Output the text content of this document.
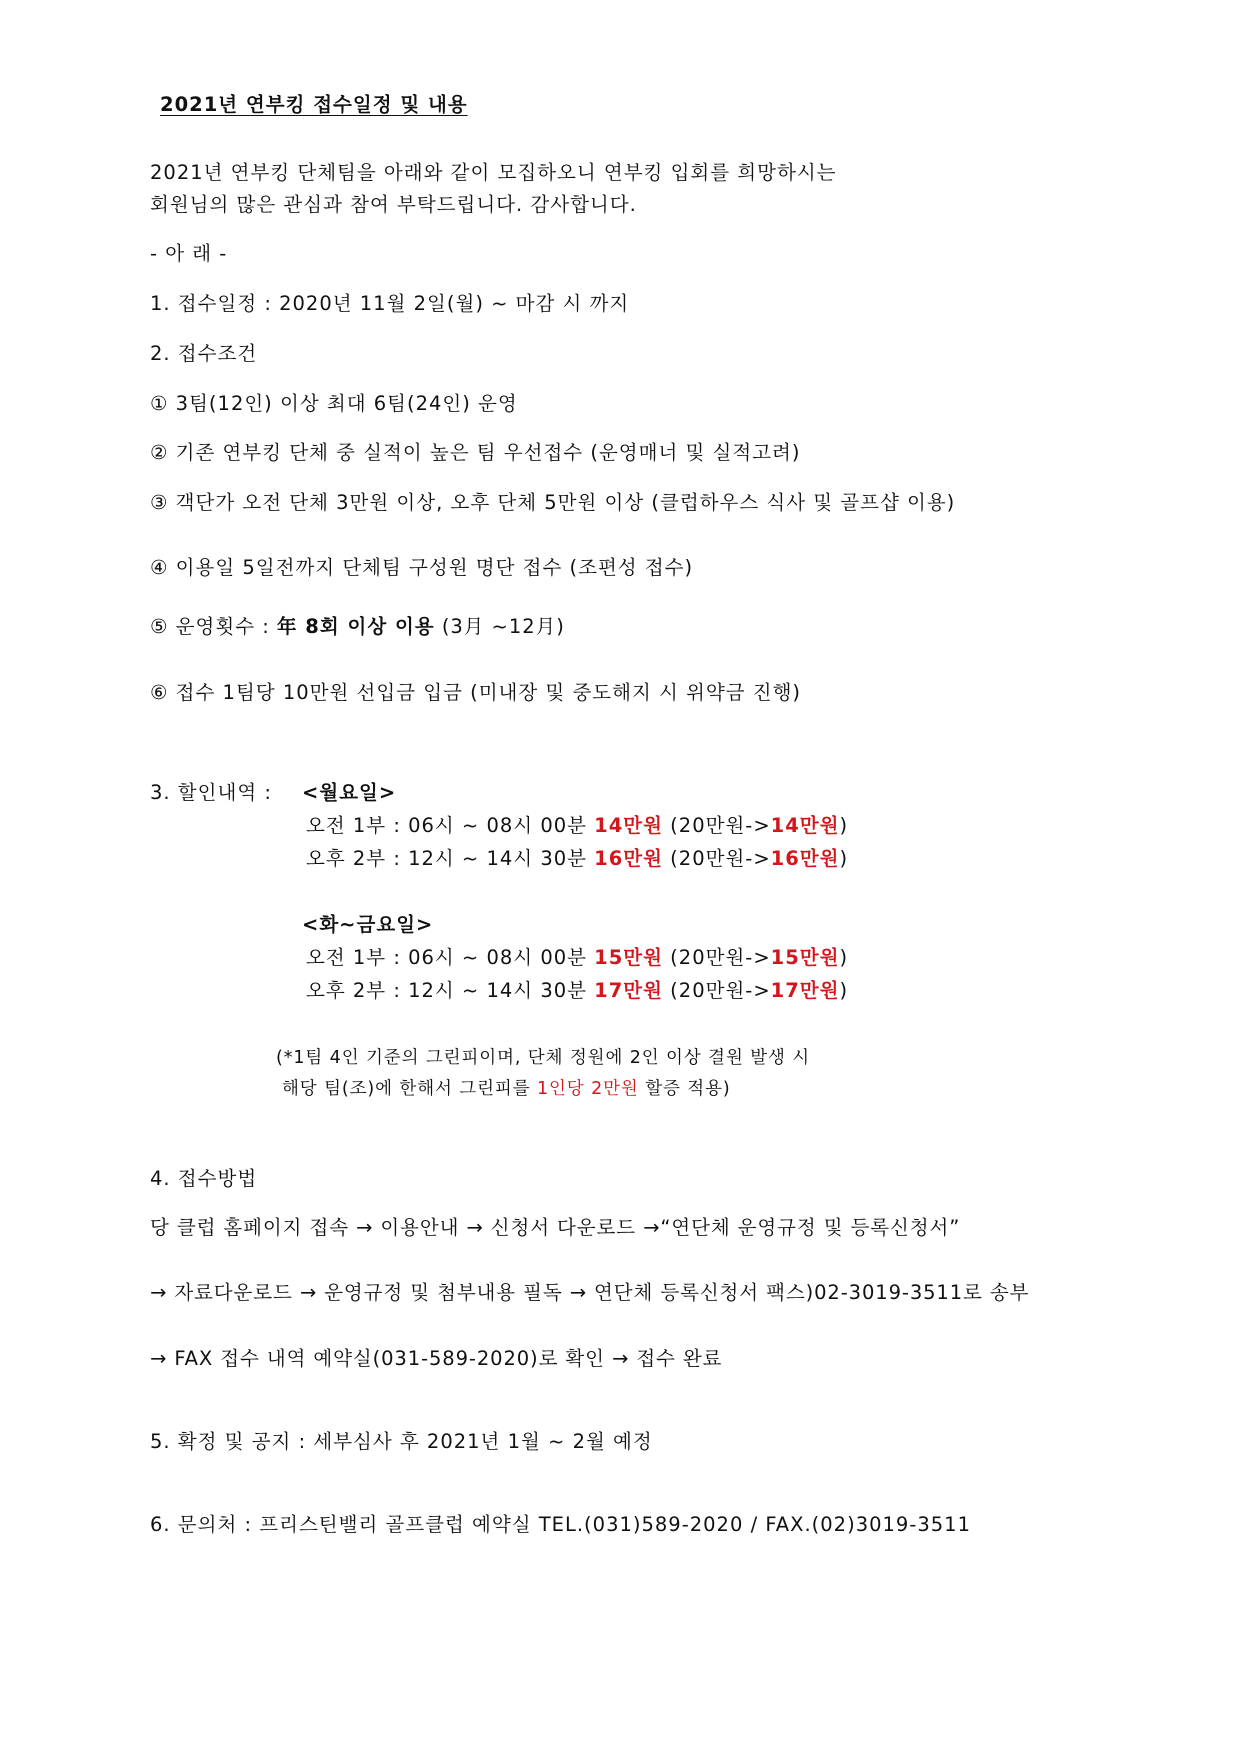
2021년 연부킹 접수일정 및 내용
2021년 연부킹 단체팀을 아래와 같이 모집하오니 연부킹 입회를 희망하시는
회원님의 많은 관심과 참여 부탁드립니다. 감사합니다.
- 아 래 -
1. 접수일정 : 2020년 11월 2일(월) ~ 마감 시 까지
2. 접수조건
① 3팀(12인) 이상 최대 6팀(24인) 운영
② 기존 연부킹 단체 중 실적이 높은 팀 우선접수 (운영매너 및 실적고려)
③ 객단가 오전 단체 3만원 이상, 오후 단체 5만원 이상 (클럽하우스 식사 및 골프샵 이용)
④ 이용일 5일전까지 단체팀 구성원 명단 접수 (조편성 접수)
⑤ 운영횟수 : 年 8회 이상 이용 (3月 ~12月)
⑥ 접수 1팀당 10만원 선입금 입금 (미내장 및 중도해지 시 위약금 진행)
3. 할인내역 : <월요일>
오전 1부 : 06시 ~ 08시 00분 14만원 (20만원->14만원)
오후 2부 : 12시 ~ 14시 30분 16만원 (20만원->16만원)
<화~금요일>
오전 1부 : 06시 ~ 08시 00분 15만원 (20만원->15만원)
오후 2부 : 12시 ~ 14시 30분 17만원 (20만원->17만원)
(*1팀 4인 기준의 그린피이며, 단체 정원에 2인 이상 결원 발생 시
해당 팀(조)에 한해서 그린피를 1인당 2만원 할증 적용)
4. 접수방법
당 클럽 홈페이지 접속 → 이용안내 → 신청서 다운로드 →“연단체 운영규정 및 등록신청서”
→ 자료다운로드 → 운영규정 및 첨부내용 필독 → 연단체 등록신청서 팩스)02-3019-3511로 송부
→ FAX 접수 내역 예약실(031-589-2020)로 확인 → 접수 완료
5. 확정 및 공지 : 세부심사 후 2021년 1월 ~ 2월 예정
6. 문의처 : 프리스틴밸리 골프클럽 예약실 TEL.(031)589-2020 / FAX.(02)3019-3511
